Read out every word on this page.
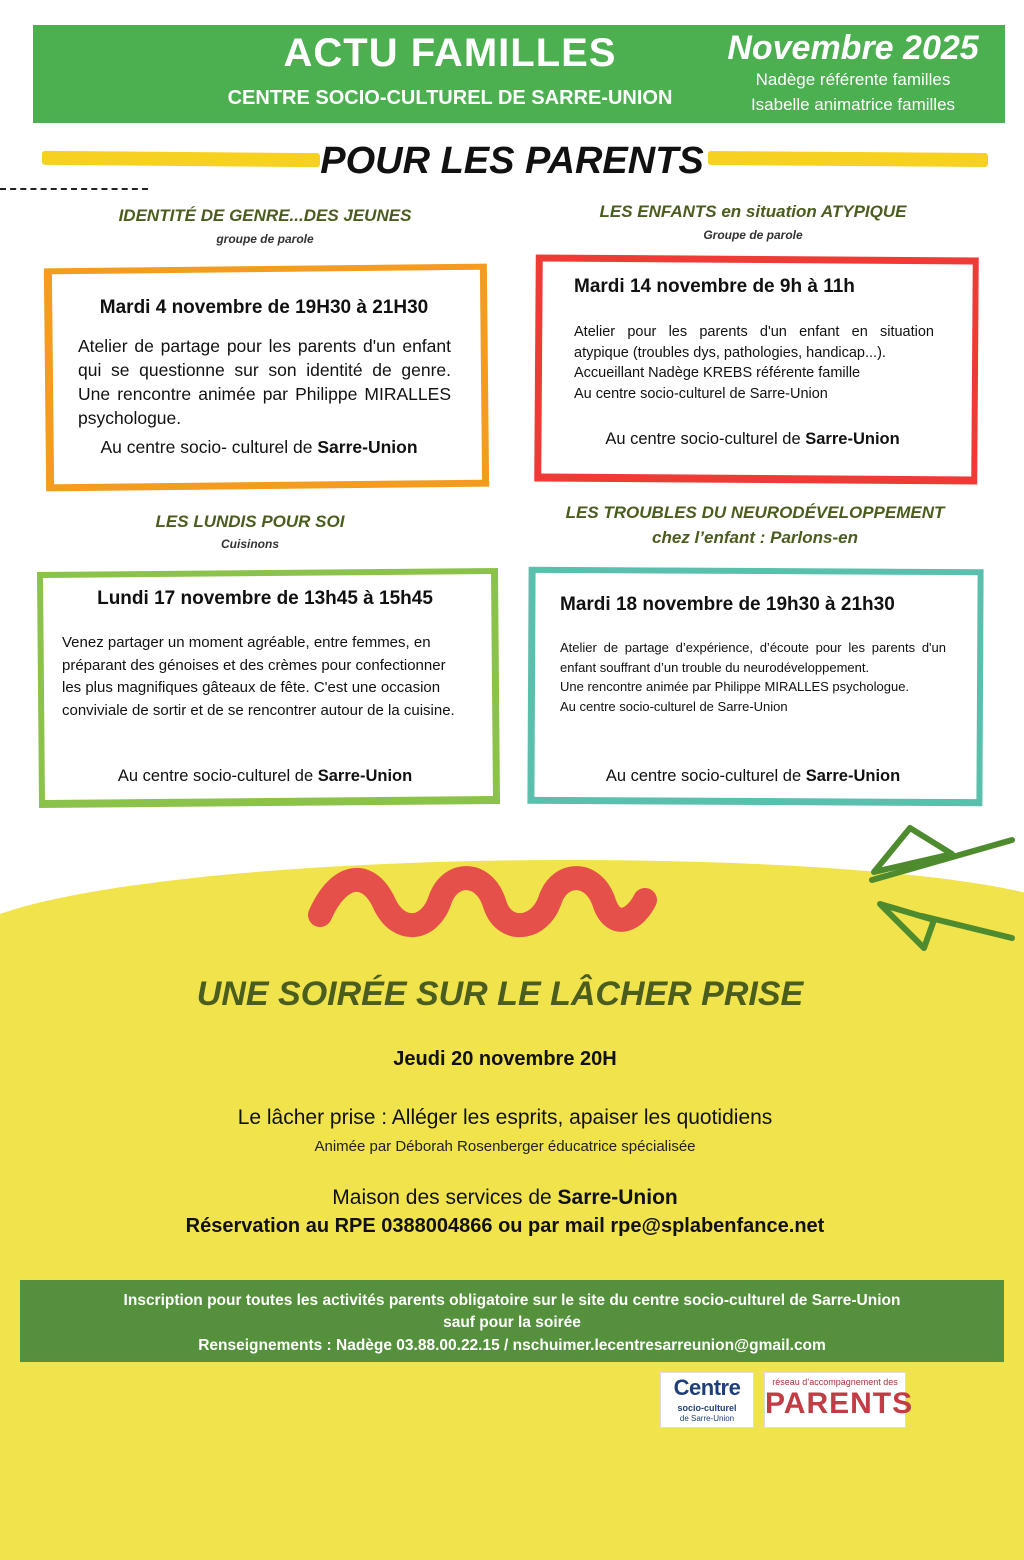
ACTU FAMILLES
CENTRE SOCIO-CULTUREL DE SARRE-UNION
Novembre 2025
Nadège référente familles
Isabelle animatrice familles
POUR LES PARENTS
IDENTITÉ DE GENRE...DES JEUNES
groupe de parole
Mardi 4 novembre de 19H30 à 21H30
Atelier de partage pour les parents d'un enfant qui se questionne sur son identité de genre. Une rencontre animée par Philippe MIRALLES psychologue.
Au centre socio- culturel de Sarre-Union
LES ENFANTS en situation ATYPIQUE
Groupe de parole
Mardi 14 novembre de 9h à 11h
Atelier pour les parents d'un enfant en situation atypique (troubles dys, pathologies, handicap...).
Accueillant Nadège KREBS référente famille
Au centre socio-culturel de Sarre-Union
Au centre socio-culturel de Sarre-Union
LES LUNDIS POUR SOI
Cuisinons
Lundi 17 novembre de 13h45 à 15h45
Venez partager un moment agréable, entre femmes, en préparant des génoises et des crèmes pour confectionner les plus magnifiques gâteaux de fête. C'est une occasion conviviale de sortir et de se rencontrer autour de la cuisine.
Au centre socio-culturel de Sarre-Union
LES TROUBLES DU NEURODÉVELOPPEMENT
chez l’enfant : Parlons-en
Mardi 18 novembre de 19h30 à 21h30
Atelier de partage d’expérience, d’écoute pour les parents d'un enfant souffrant d’un trouble du neurodéveloppement.
Une rencontre animée par Philippe MIRALLES psychologue.
Au centre socio-culturel de Sarre-Union
Au centre socio-culturel de Sarre-Union
UNE SOIRÉE SUR LE LÂCHER PRISE
Jeudi 20 novembre 20H
Le lâcher prise : Alléger les esprits, apaiser les quotidiens
Animée par Déborah Rosenberger éducatrice spécialisée
Maison des services de Sarre-Union
Réservation au RPE 0388004866 ou par mail rpe@splabenfance.net
Inscription pour toutes les activités parents obligatoire sur le site du centre socio-culturel de Sarre-Union
sauf pour la soirée
Renseignements : Nadège 03.88.00.22.15 / nschuimer.lecentresarreunion@gmail.com
Centre
socio-culturel
de Sarre-Union
réseau d’accompagnement des
PARENTS
